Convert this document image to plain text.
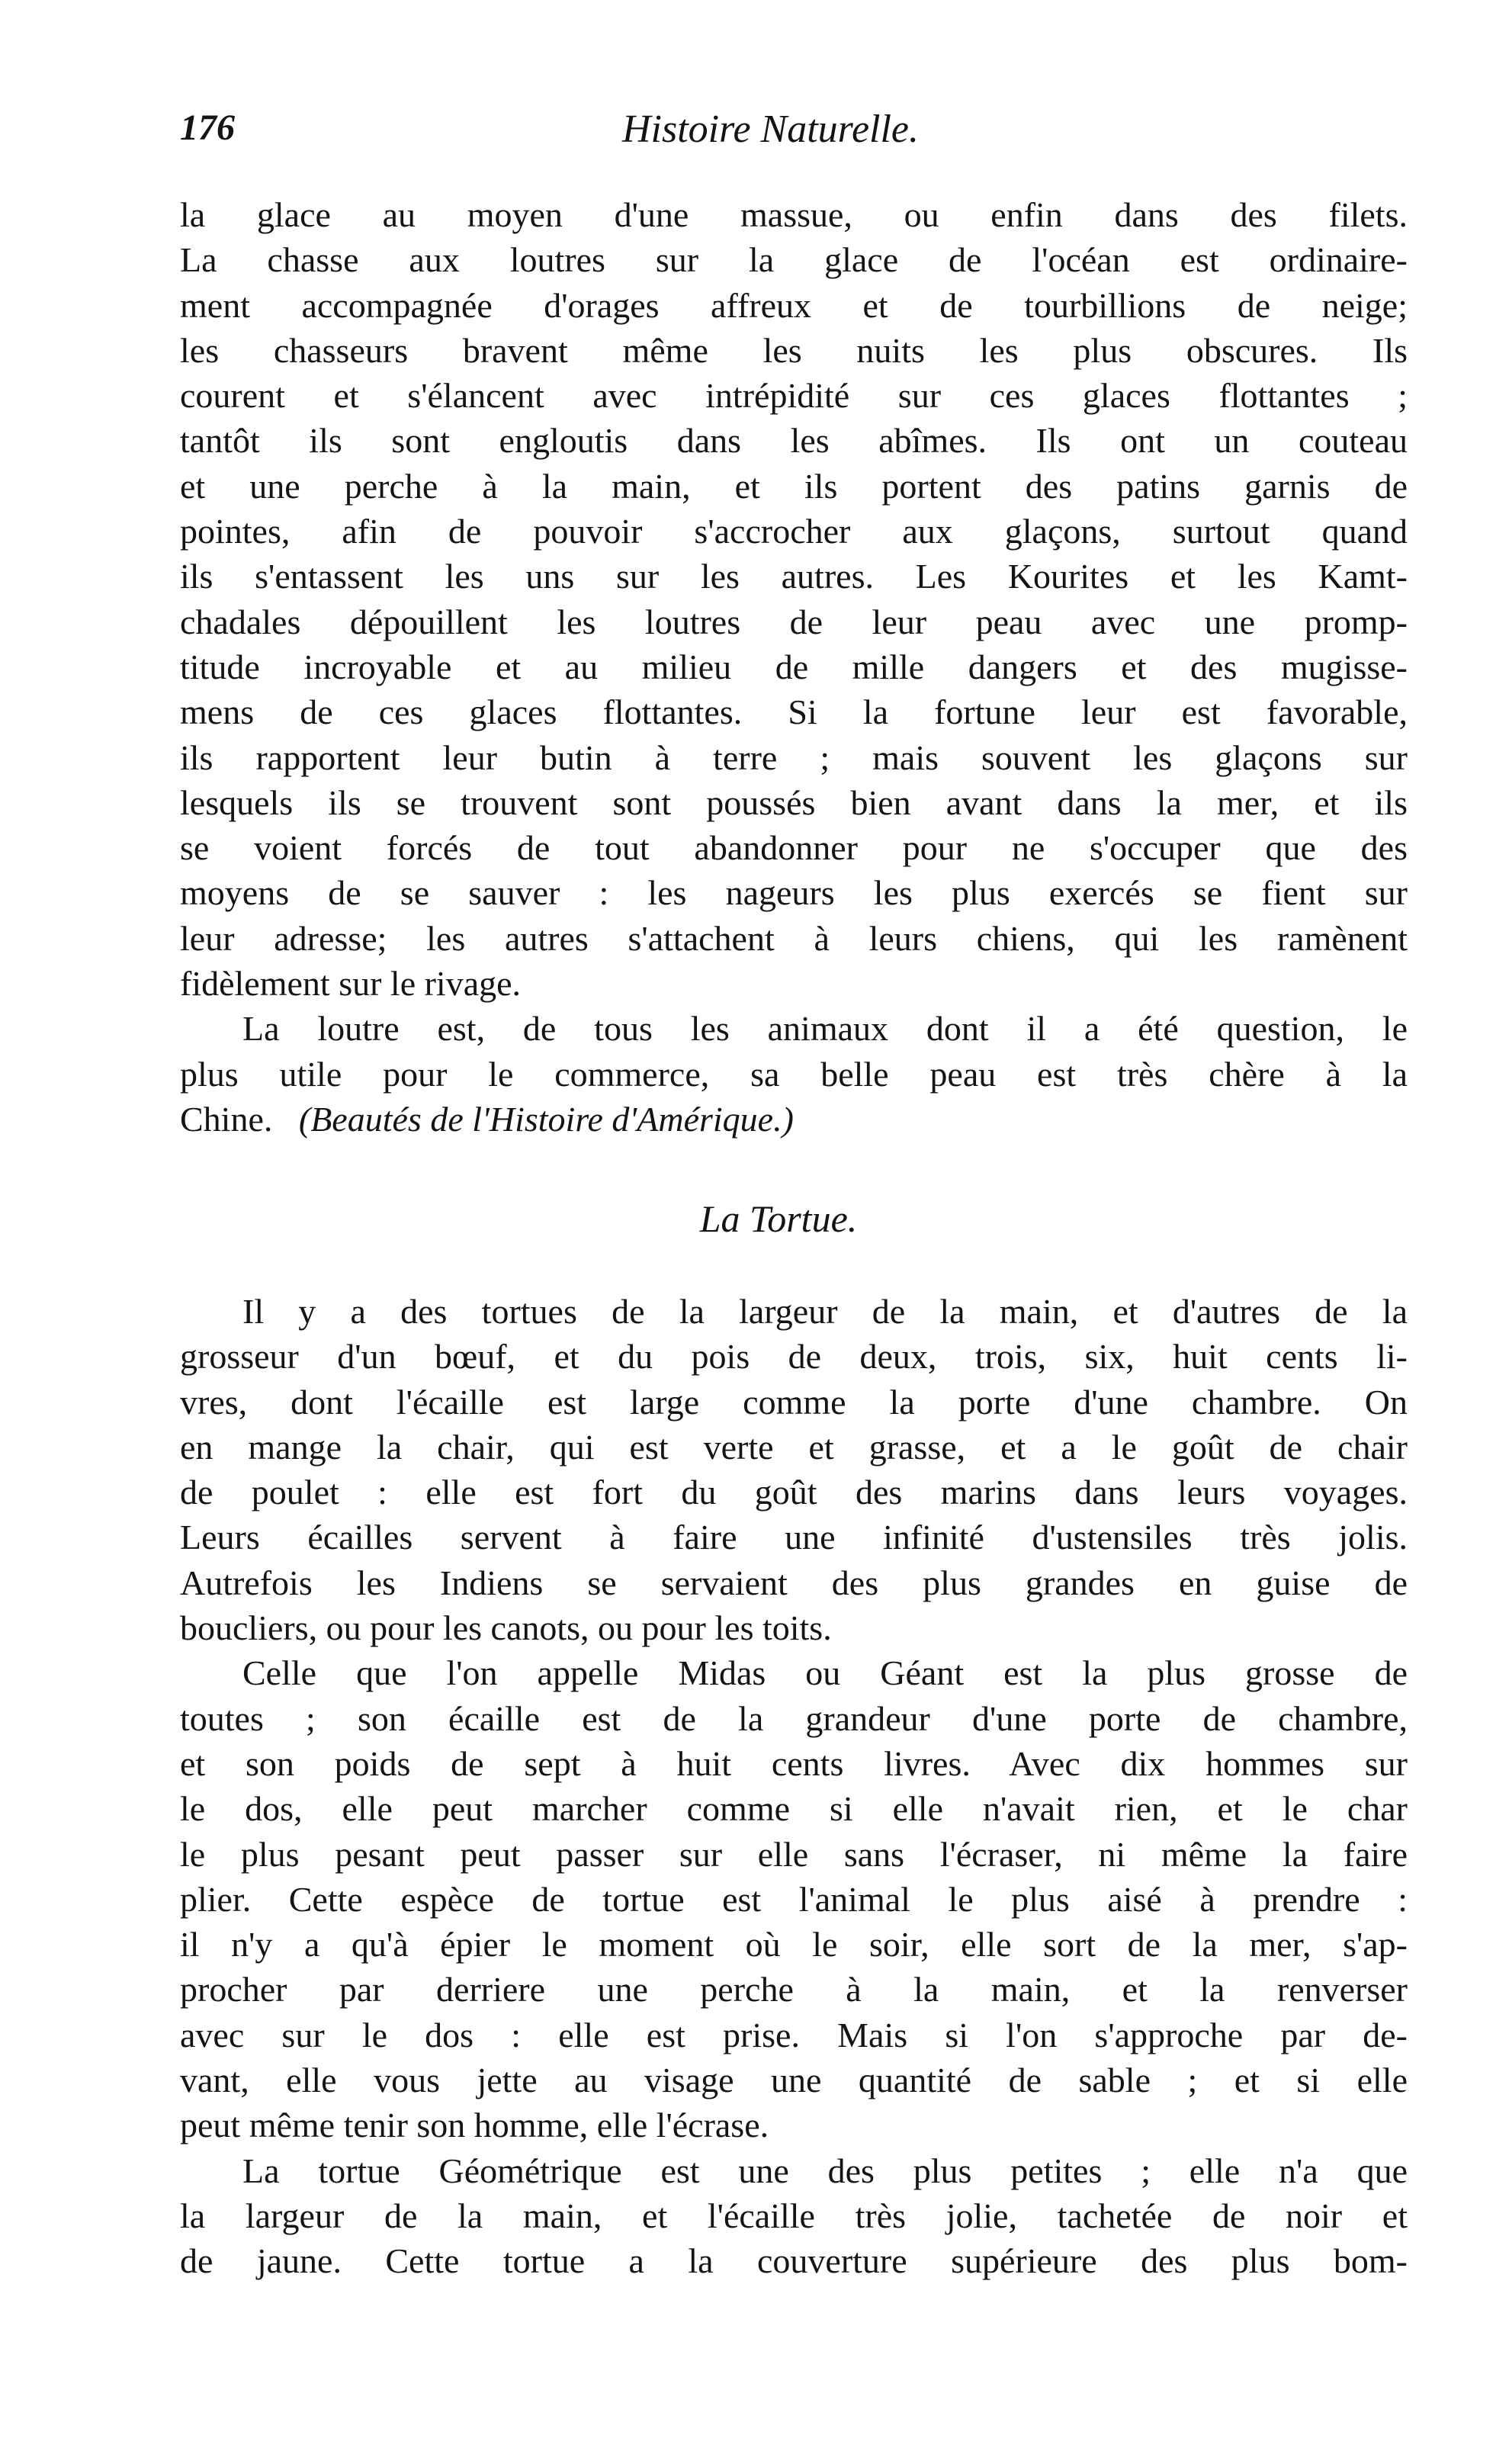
176	Histoire Naturelle.
la glace au moyen d'une massue, ou enfin dans des filets.
La chasse aux loutres sur la glace de l'océan est ordinaire-
ment accompagnée d'orages affreux et de tourbillions de neige;
les chasseurs bravent même les nuits les plus obscures. Ils
courent et s'élancent avec intrépidité sur ces glaces flottantes ;
tantôt ils sont engloutis dans les abîmes. Ils ont un couteau
et une perche à la main, et ils portent des patins garnis de
pointes, afin de pouvoir s'accrocher aux glaçons, surtout quand
ils s'entassent les uns sur les autres. Les Kourites et les Kamt-
chadales dépouillent les loutres de leur peau avec une promp-
titude incroyable et au milieu de mille dangers et des mugisse-
mens de ces glaces flottantes. Si la fortune leur est favorable,
ils rapportent leur butin à terre ; mais souvent les glaçons sur
lesquels ils se trouvent sont poussés bien avant dans la mer, et ils
se voient forcés de tout abandonner pour ne s'occuper que des
moyens de se sauver : les nageurs les plus exercés se fient sur
leur adresse; les autres s'attachent à leurs chiens, qui les ramènent
fidèlement sur le rivage.
La loutre est, de tous les animaux dont il a été question, le
plus utile pour le commerce, sa belle peau est très chère à la
Chine. (Beautés de l'Histoire d'Amérique.)
La Tortue.
Il y a des tortues de la largeur de la main, et d'autres de la
grosseur d'un bœuf, et du pois de deux, trois, six, huit cents li-
vres, dont l'écaille est large comme la porte d'une chambre. On
en mange la chair, qui est verte et grasse, et a le goût de chair
de poulet : elle est fort du goût des marins dans leurs voyages.
Leurs écailles servent à faire une infinité d'ustensiles très jolis.
Autrefois les Indiens se servaient des plus grandes en guise de
boucliers, ou pour les canots, ou pour les toits.
Celle que l'on appelle Midas ou Géant est la plus grosse de
toutes ; son écaille est de la grandeur d'une porte de chambre,
et son poids de sept à huit cents livres. Avec dix hommes sur
le dos, elle peut marcher comme si elle n'avait rien, et le char
le plus pesant peut passer sur elle sans l'écraser, ni même la faire
plier. Cette espèce de tortue est l'animal le plus aisé à prendre :
il n'y a qu'à épier le moment où le soir, elle sort de la mer, s'ap-
procher par derriere une perche à la main, et la renverser
avec sur le dos : elle est prise. Mais si l'on s'approche par de-
vant, elle vous jette au visage une quantité de sable ; et si elle
peut même tenir son homme, elle l'écrase.
La tortue Géométrique est une des plus petites ; elle n'a que
la largeur de la main, et l'écaille très jolie, tachetée de noir et
de jaune. Cette tortue a la couverture supérieure des plus bom-
